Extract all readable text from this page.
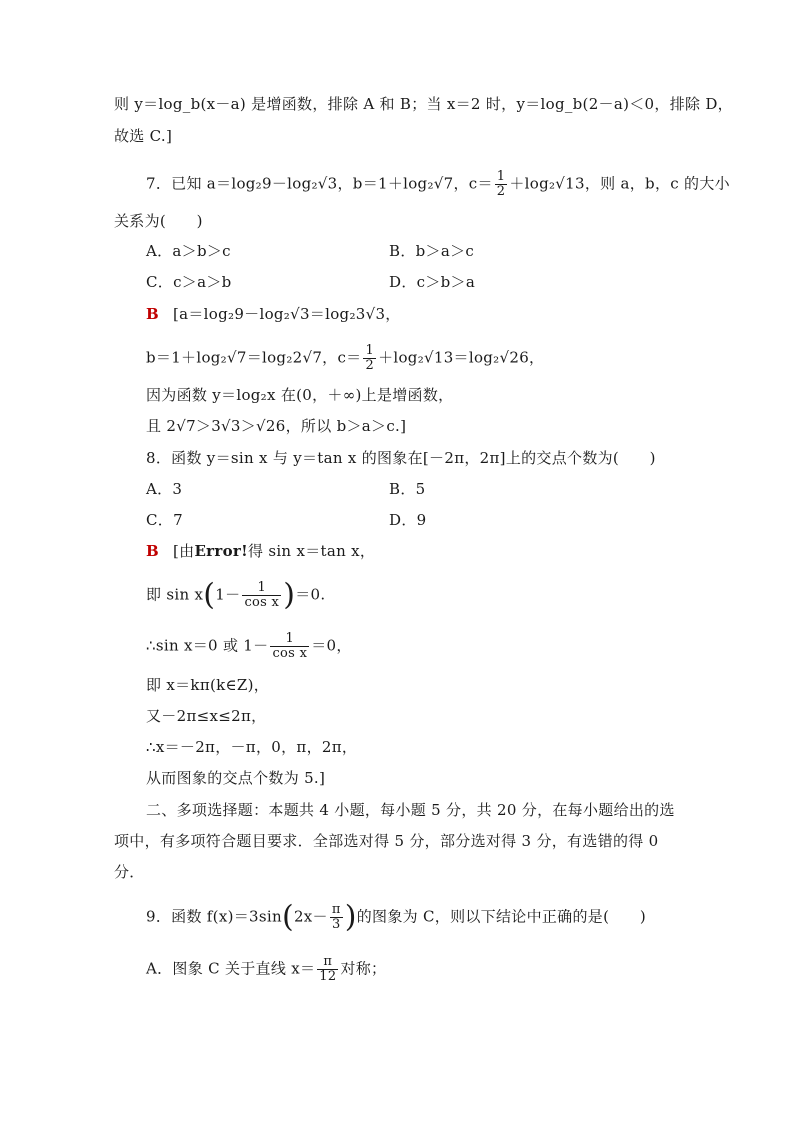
则 y＝log_b(x－a) 是增函数，排除 A 和 B；当 x＝2 时，y＝log_b(2－a)＜0，排除 D，
故选 C.]
7．已知 a＝log₂9－log₂√3，b＝1＋log₂√7，$c= \frac{1}{2} +\log_2√13$，则 a，b，c 的大小
关系为(　　)
A．a＞b＞c	B．b＞a＞c
C．c＞a＞b	D．c＞b＞a
B [a＝log₂9－log₂√3＝log₂3√3，
b＝1＋log₂√7＝log₂2√7，$c= \frac{1}{2} +\log_2√13=\log_2√26$，
因为函数 y＝log₂x 在(0，＋∞)上是增函数，
且 2√7＞3√3＞√26，所以 b＞a＞c.]
8．函数 y＝sin x 与 y＝tan x 的图象在[－2π，2π]上的交点个数为(　　)
A．3	B．5
C．7	D．9
B [由Error!得 sin x＝tan x，
即 $\sin x(1- \frac{1}{\text{cos x}} )=0$.
∴sin x＝0 或 $1- \frac{1}{\text{cos x}} =0$，
即 x＝kπ(k∈Z)，
又－2π≤x≤2π，
∴x＝－2π，－π，0，π，2π，
从而图象的交点个数为 5.]
二、多项选择题：本题共 4 小题，每小题 5 分，共 20 分，在每小题给出的选
项中，有多项符合题目要求．全部选对得 5 分，部分选对得 3 分，有选错的得 0
分．
9．函数 $f(x)=3\sin(2x- \frac{\pi}{3}$ )的图象为 C，则以下结论中正确的是(　　)
A．图象 C 关于直线 $x= \frac{\pi}{12}$ 对称；
